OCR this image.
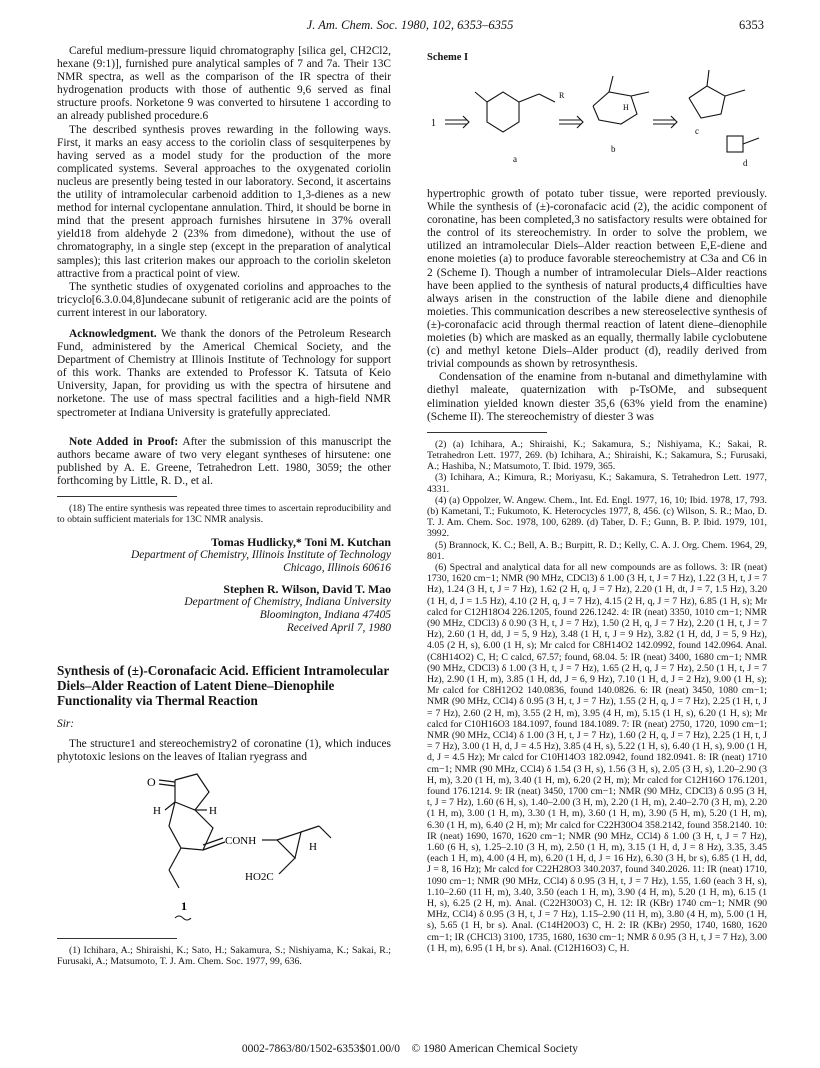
J. Am. Chem. Soc. 1980, 102, 6353–6355	6353

Careful medium-pressure liquid chromatography [silica gel, CH2Cl2, hexane (9:1)], furnished pure analytical samples of 7 and 7a. Their 13C NMR spectra, as well as the comparison of the IR spectra of their hydrogenation products with those of authentic 9,6 served as final structure proofs. Norketone 9 was converted to hirsutene 1 according to an already published procedure.6

The described synthesis proves rewarding in the following ways. First, it marks an easy access to the coriolin class of sesquiterpenes by having served as a model study for the production of the more complicated systems. Several approaches to the oxygenated coriolin nucleus are presently being tested in our laboratory. Second, it ascertains the utility of intramolecular carbenoid addition to 1,3-dienes as a new method for internal cyclopentane annulation. Third, it should be borne in mind that the present approach furnishes hirsutene in 37% overall yield18 from aldehyde 2 (23% from dimedone), without the use of chromatography, in a single step (except in the preparation of analytical samples); this last criterion makes our approach to the coriolin skeleton attractive from a practical point of view.

The synthetic studies of oxygenated coriolins and approaches to the tricyclo[6.3.0.04,8]undecane subunit of retigeranic acid are the points of current interest in our laboratory.

Acknowledgment. We thank the donors of the Petroleum Research Fund, administered by the Americal Chemical Society, and the Department of Chemistry at Illinois Institute of Technology for support of this work. Thanks are extended to Professor K. Tatsuta of Keio University, Japan, for providing us with the spectra of hirsutene and norketone. The use of mass spectral facilities and a high-field NMR spectrometer at Indiana University is gratefully appreciated.

Note Added in Proof: After the submission of this manuscript the authors became aware of two very elegant syntheses of hirsutene: one published by A. E. Greene, Tetrahedron Lett. 1980, 3059; the other forthcoming by Little, R. D., et al.

(18) The entire synthesis was repeated three times to ascertain reproducibility and to obtain sufficient materials for 13C NMR analysis.

Tomas Hudlicky,* Toni M. Kutchan
Department of Chemistry, Illinois Institute of Technology
Chicago, Illinois 60616
Stephen R. Wilson, David T. Mao
Department of Chemistry, Indiana University
Bloomington, Indiana 47405
Received April 7, 1980
Synthesis of (±)-Coronafacic Acid. Efficient Intramolecular Diels–Alder Reaction of Latent Diene–Dienophile Functionality via Thermal Reaction
Sir:

The structure1 and stereochemistry2 of coronatine (1), which induces phytotoxic lesions on the leaves of Italian ryegrass and

O
H	H
CONH	H
HO2C
1

(1) Ichihara, A.; Shiraishi, K.; Sato, H.; Sakamura, S.; Nishiyama, K.; Sakai, R.; Furusaki, A.; Matsumoto, T. J. Am. Chem. Soc. 1977, 99, 636.

Scheme I
1
a
b
c
d
H
R

hypertrophic growth of potato tuber tissue, were reported previously. While the synthesis of (±)-coronafacic acid (2), the acidic component of coronatine, has been completed,3 no satisfactory results were obtained for the control of its stereochemistry. In order to solve the problem, we utilized an intramolecular Diels–Alder reaction between E,E-diene and enone moieties (a) to produce favorable stereochemistry at C3a and C6 in 2 (Scheme I). Though a number of intramolecular Diels–Alder reactions have been applied to the synthesis of natural products,4 difficulties have always arisen in the construction of the labile diene and dienophile moieties. This communication describes a new stereoselective synthesis of (±)-coronafacic acid through thermal reaction of latent diene–dienophile moieties (b) which are masked as an equally, thermally labile cyclobutene (c) and methyl ketone Diels–Alder product (d), readily derived from trivial compounds as shown by retrosynthesis.

Condensation of the enamine from n-butanal and dimethylamine with diethyl maleate, quaternization with p-TsOMe, and subsequent elimination yielded known diester 35,6 (63% yield from the enamine) (Scheme II). The stereochemistry of diester 3 was

(2) (a) Ichihara, A.; Shiraishi, K.; Sakamura, S.; Nishiyama, K.; Sakai, R. Tetrahedron Lett. 1977, 269. (b) Ichihara, A.; Shiraishi, K.; Sakamura, S.; Furusaki, A.; Hashiba, N.; Matsumoto, T. Ibid. 1979, 365.

(3) Ichihara, A.; Kimura, R.; Moriyasu, K.; Sakamura, S. Tetrahedron Lett. 1977, 4331.

(4) (a) Oppolzer, W. Angew. Chem., Int. Ed. Engl. 1977, 16, 10; Ibid. 1978, 17, 793. (b) Kametani, T.; Fukumoto, K. Heterocycles 1977, 8, 456. (c) Wilson, S. R.; Mao, D. T. J. Am. Chem. Soc. 1978, 100, 6289. (d) Taber, D. F.; Gunn, B. P. Ibid. 1979, 101, 3992.

(5) Brannock, K. C.; Bell, A. B.; Burpitt, R. D.; Kelly, C. A. J. Org. Chem. 1964, 29, 801.

(6) Spectral and analytical data for all new compounds are as follows. 3: IR (neat) 1730, 1620 cm−1; NMR (90 MHz, CDCl3) δ 1.00 (3 H, t, J = 7 Hz), 1.22 (3 H, t, J = 7 Hz), 1.24 (3 H, t, J = 7 Hz), 1.62 (2 H, q, J = 7 Hz), 2.20 (1 H, dt, J = 7, 1.5 Hz), 3.20 (1 H, d, J = 1.5 Hz), 4.10 (2 H, q, J = 7 Hz), 4.15 (2 H, q, J = 7 Hz), 6.85 (1 H, s); Mr calcd for C12H18O4 226.1205, found 226.1242. 4: IR (neat) 3350, 1010 cm−1; NMR (90 MHz, CDCl3) δ 0.90 (3 H, t, J = 7 Hz), 1.50 (2 H, q, J = 7 Hz), 2.20 (1 H, t, J = 7 Hz), 2.60 (1 H, dd, J = 5, 9 Hz), 3.48 (1 H, t, J = 9 Hz), 3.82 (1 H, dd, J = 5, 9 Hz), 4.05 (2 H, s), 6.00 (1 H, s); Mr calcd for C8H14O2 142.0992, found 142.0964. Anal. (C8H14O2) C, H; C calcd, 67.57; found, 68.04. 5: IR (neat) 3400, 1680 cm−1; NMR (90 MHz, CDCl3) δ 1.00 (3 H, t, J = 7 Hz), 1.65 (2 H, q, J = 7 Hz), 2.50 (1 H, t, J = 7 Hz), 2.90 (1 H, m), 3.85 (1 H, dd, J = 6, 9 Hz), 7.10 (1 H, d, J = 2 Hz), 9.00 (1 H, s); Mr calcd for C8H12O2 140.0836, found 140.0826. 6: IR (neat) 3450, 1080 cm−1; NMR (90 MHz, CCl4) δ 0.95 (3 H, t, J = 7 Hz), 1.55 (2 H, q, J = 7 Hz), 2.25 (1 H, t, J = 7 Hz), 2.60 (2 H, m), 3.55 (2 H, m), 3.95 (4 H, m), 5.15 (1 H, s), 6.20 (1 H, s); Mr calcd for C10H16O3 184.1097, found 184.1089. 7: IR (neat) 2750, 1720, 1090 cm−1; NMR (90 MHz, CCl4) δ 1.00 (3 H, t, J = 7 Hz), 1.60 (2 H, q, J = 7 Hz), 2.25 (1 H, t, J = 7 Hz), 3.00 (1 H, d, J = 4.5 Hz), 3.85 (4 H, s), 5.22 (1 H, s), 6.40 (1 H, s), 9.00 (1 H, d, J = 4.5 Hz); Mr calcd for C10H14O3 182.0942, found 182.0941. 8: IR (neat) 1710 cm−1; NMR (90 MHz, CCl4) δ 1.54 (3 H, s), 1.56 (3 H, s), 2.05 (3 H, s), 1.20–2.90 (3 H, m), 3.20 (1 H, m), 3.40 (1 H, m), 6.20 (2 H, m); Mr calcd for C12H16O 176.1201, found 176.1214. 9: IR (neat) 3450, 1700 cm−1; NMR (90 MHz, CDCl3) δ 0.95 (3 H, t, J = 7 Hz), 1.60 (6 H, s), 1.40–2.00 (3 H, m), 2.20 (1 H, m), 2.40–2.70 (3 H, m), 2.20 (1 H, m), 3.00 (1 H, m), 3.30 (1 H, m), 3.60 (1 H, m), 3.90 (5 H, m), 5.20 (1 H, m), 6.30 (1 H, m), 6.40 (2 H, m); Mr calcd for C22H30O4 358.2142, found 358.2140. 10: IR (neat) 1690, 1670, 1620 cm−1; NMR (90 MHz, CCl4) δ 1.00 (3 H, t, J = 7 Hz), 1.60 (6 H, s), 1.25–2.10 (3 H, m), 2.50 (1 H, m), 3.15 (1 H, d, J = 8 Hz), 3.35, 3.45 (each 1 H, m), 4.00 (4 H, m), 6.20 (1 H, d, J = 16 Hz), 6.30 (3 H, br s), 6.85 (1 H, dd, J = 8, 16 Hz); Mr calcd for C22H28O3 340.2037, found 340.2026. 11: IR (neat) 1710, 1090 cm−1; NMR (90 MHz, CCl4) δ 0.95 (3 H, t, J = 7 Hz), 1.55, 1.60 (each 3 H, s), 1.10–2.60 (11 H, m), 3.40, 3.50 (each 1 H, m), 3.90 (4 H, m), 5.20 (1 H, m), 6.15 (1 H, s), 6.25 (2 H, m). Anal. (C22H30O3) C, H. 12: IR (KBr) 1740 cm−1; NMR (90 MHz, CCl4) δ 0.95 (3 H, t, J = 7 Hz), 1.15–2.90 (11 H, m), 3.80 (4 H, m), 5.00 (1 H, s), 5.65 (1 H, br s). Anal. (C14H20O3) C, H. 2: IR (KBr) 2950, 1740, 1680, 1620 cm−1; IR (CHCl3) 3100, 1735, 1680, 1630 cm−1; NMR δ 0.95 (3 H, t, J = 7 Hz), 3.00 (1 H, m), 6.95 (1 H, br s). Anal. (C12H16O3) C, H.

0002-7863/80/1502-6353$01.00/0 © 1980 American Chemical Society
